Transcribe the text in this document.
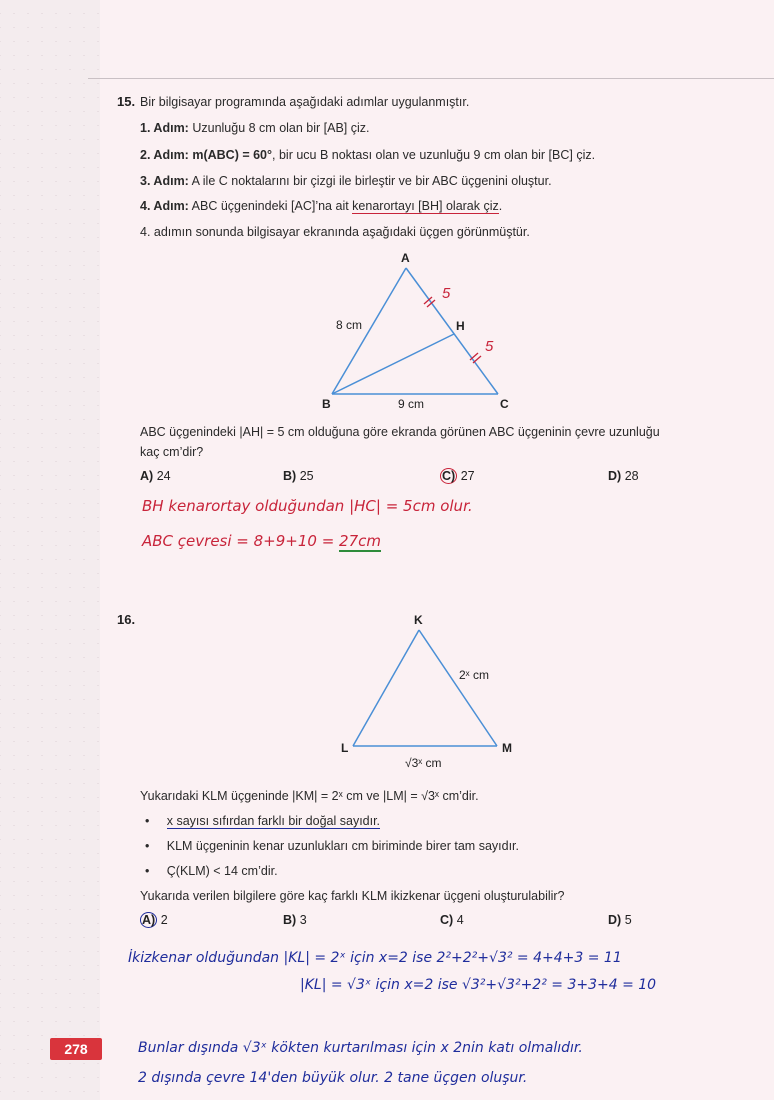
15. Bir bilgisayar programında aşağıdaki adımlar uygulanmıştır.
1. Adım: Uzunluğu 8 cm olan bir [AB] çiz.
2. Adım: m(ABC) = 60°, bir ucu B noktası olan ve uzunluğu 9 cm olan bir [BC] çiz.
3. Adım: A ile C noktalarını bir çizgi ile birleştir ve bir ABC üçgenini oluştur.
4. Adım: ABC üçgenindeki [AC]’na ait kenarortayı [BH] olarak çiz.
4. adımın sonunda bilgisayar ekranında aşağıdaki üçgen görünmüştür.
A
B	C
H
8 cm
9 cm
5
5
ABC üçgenindeki |AH| = 5 cm olduğuna göre ekranda görünen ABC üçgeninin çevre uzunluğu
kaç cm’dir?
A) 24	B) 25	C) 27	D) 28
BH kenarortay olduğundan |HC| = 5cm olur.
ABC çevresi = 8+9+10 = 27cm
16.	K
L	M
2ˣ cm
√3ˣ cm
Yukarıdaki KLM üçgeninde |KM| = 2ˣ cm ve |LM| = √3ˣ cm’dir.
•     x sayısı sıfırdan farklı bir doğal sayıdır.
•     KLM üçgeninin kenar uzunlukları cm biriminde birer tam sayıdır.
•     Ç(KLM) < 14 cm’dir.
Yukarıda verilen bilgilere göre kaç farklı KLM ikizkenar üçgeni oluşturulabilir?
A) 2	B) 3	C) 4	D) 5
İkizkenar olduğundan |KL| = 2ˣ için x=2 ise 2²+2²+√3² = 4+4+3 = 11
|KL| = √3ˣ için x=2 ise √3²+√3²+2² = 3+3+4 = 10
Bunlar dışında √3ˣ kökten kurtarılması için x 2nin katı olmalıdır.
2 dışında çevre 14'den büyük olur. 2 tane üçgen oluşur.
278
